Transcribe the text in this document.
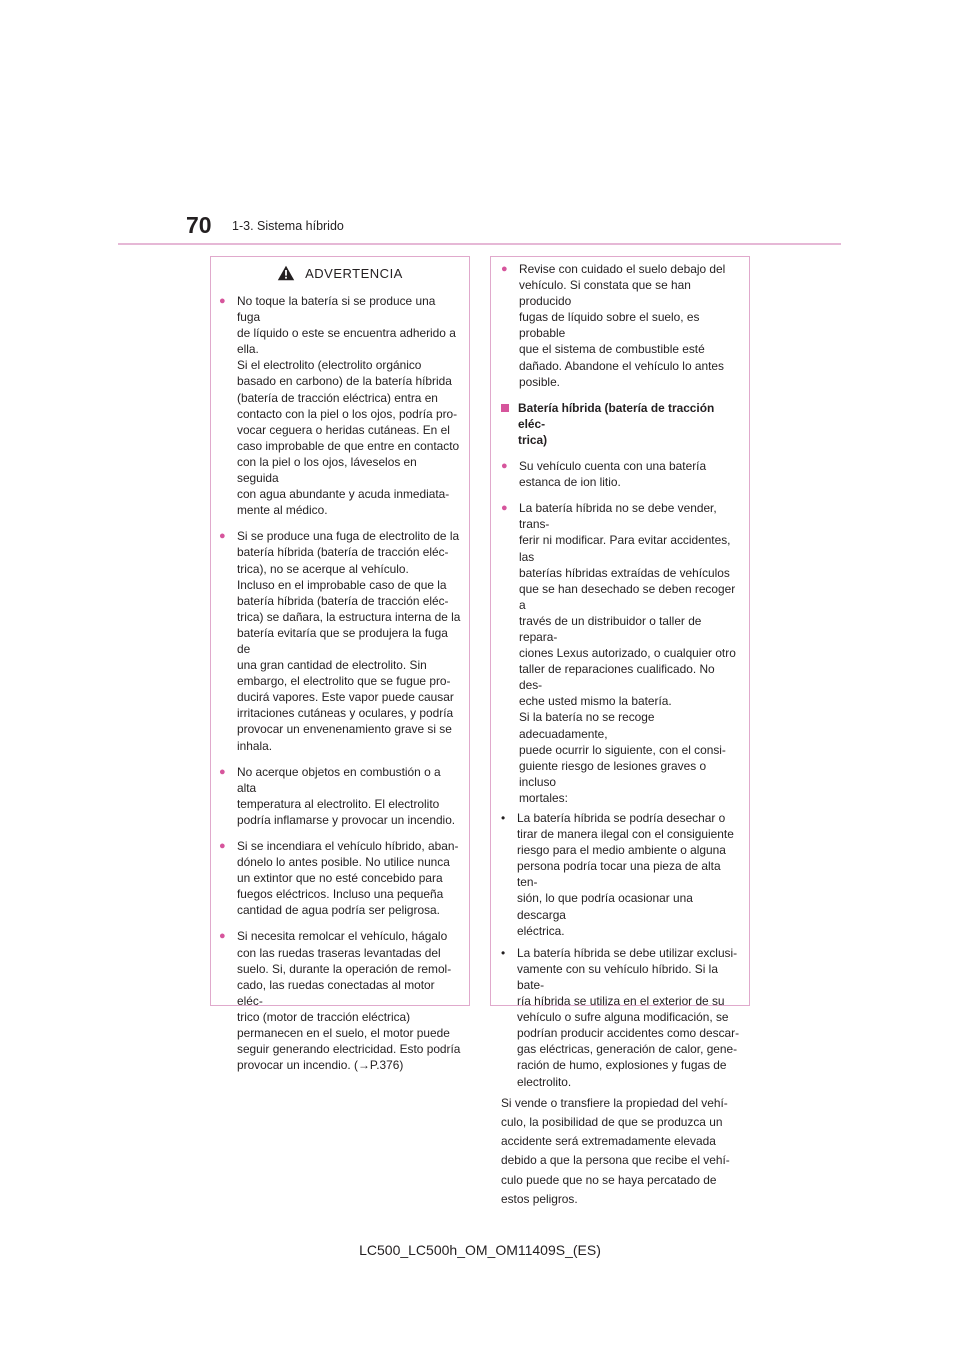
70 1-3. Sistema híbrido
ADVERTENCIA
● No toque la batería si se produce una fuga
de líquido o este se encuentra adherido a
ella.
Si el electrolito (electrolito orgánico
basado en carbono) de la batería híbrida
(batería de tracción eléctrica) entra en
contacto con la piel o los ojos, podría pro-
vocar ceguera o heridas cutáneas. En el
caso improbable de que entre en contacto
con la piel o los ojos, láveselos en seguida
con agua abundante y acuda inmediata-
mente al médico.
● Si se produce una fuga de electrolito de la
batería híbrida (batería de tracción eléc-
trica), no se acerque al vehículo.
Incluso en el improbable caso de que la
batería híbrida (batería de tracción eléc-
trica) se dañara, la estructura interna de la
batería evitaría que se produjera la fuga de
una gran cantidad de electrolito. Sin
embargo, el electrolito que se fugue pro-
ducirá vapores. Este vapor puede causar
irritaciones cutáneas y oculares, y podría
provocar un envenenamiento grave si se
inhala.
● No acerque objetos en combustión o a alta
temperatura al electrolito. El electrolito
podría inflamarse y provocar un incendio.
● Si se incendiara el vehículo híbrido, aban-
dónelo lo antes posible. No utilice nunca
un extintor que no esté concebido para
fuegos eléctricos. Incluso una pequeña
cantidad de agua podría ser peligrosa.
● Si necesita remolcar el vehículo, hágalo
con las ruedas traseras levantadas del
suelo. Si, durante la operación de remol-
cado, las ruedas conectadas al motor eléc-
trico (motor de tracción eléctrica)
permanecen en el suelo, el motor puede
seguir generando electricidad. Esto podría
provocar un incendio. (→P.376)
● Revise con cuidado el suelo debajo del
vehículo. Si constata que se han producido
fugas de líquido sobre el suelo, es probable
que el sistema de combustible esté
dañado. Abandone el vehículo lo antes
posible.
Batería híbrida (batería de tracción eléc-
trica)
● Su vehículo cuenta con una batería
estanca de ion litio.
● La batería híbrida no se debe vender, trans-
ferir ni modificar. Para evitar accidentes, las
baterías híbridas extraídas de vehículos
que se han desechado se deben recoger a
través de un distribuidor o taller de repara-
ciones Lexus autorizado, o cualquier otro
taller de reparaciones cualificado. No des-
eche usted mismo la batería.
Si la batería no se recoge adecuadamente,
puede ocurrir lo siguiente, con el consi-
guiente riesgo de lesiones graves o incluso
mortales:
• La batería híbrida se podría desechar o
tirar de manera ilegal con el consiguiente
riesgo para el medio ambiente o alguna
persona podría tocar una pieza de alta ten-
sión, lo que podría ocasionar una descarga
eléctrica.
• La batería híbrida se debe utilizar exclusi-
vamente con su vehículo híbrido. Si la bate-
ría híbrida se utiliza en el exterior de su
vehículo o sufre alguna modificación, se
podrían producir accidentes como descar-
gas eléctricas, generación de calor, gene-
ración de humo, explosiones y fugas de
electrolito.
Si vende o transfiere la propiedad del vehí-
culo, la posibilidad de que se produzca un
accidente será extremadamente elevada
debido a que la persona que recibe el vehí-
culo puede que no se haya percatado de
estos peligros.
LC500_LC500h_OM_OM11409S_(ES)
